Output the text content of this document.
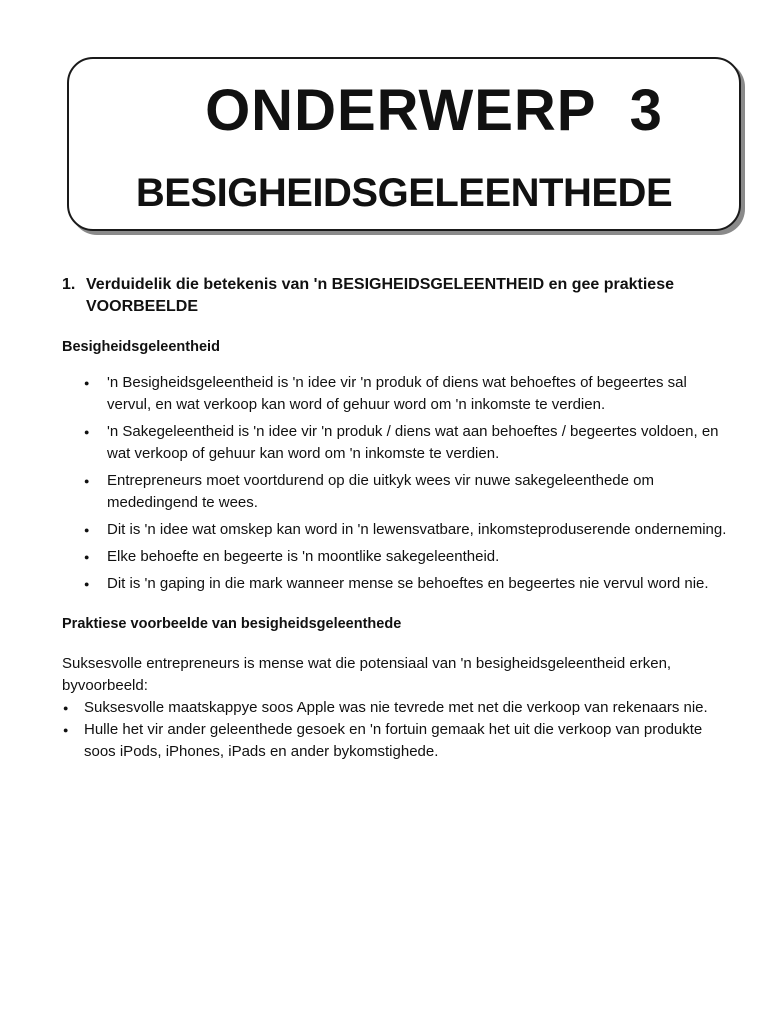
ONDERWERP  3
BESIGHEIDSGELEENTHEDE
1. Verduidelik die betekenis van 'n BESIGHEIDSGELEENTHEID en gee praktiese VOORBEELDE
Besigheidsgeleentheid
● 'n Besigheidsgeleentheid is 'n idee vir 'n produk of diens wat behoeftes of begeertes sal vervul, en wat verkoop kan word of gehuur word om 'n inkomste te verdien.
● 'n Sakegeleentheid is 'n idee vir 'n produk / diens wat aan behoeftes / begeertes voldoen, en wat verkoop of gehuur kan word om 'n inkomste te verdien.
● Entrepreneurs moet voortdurend op die uitkyk wees vir nuwe sakegeleenthede om mededingend te wees.
● Dit is 'n idee wat omskep kan word in 'n lewensvatbare, inkomsteproduserende onderneming.
● Elke behoefte en begeerte is 'n moontlike sakegeleentheid.
● Dit is 'n gaping in die mark wanneer mense se behoeftes en begeertes nie vervul word nie.
Praktiese voorbeelde van besigheidsgeleenthede
Suksesvolle entrepreneurs is mense wat die potensiaal van 'n besigheidsgeleentheid erken, byvoorbeeld:
● Suksesvolle maatskappye soos Apple was nie tevrede met net die verkoop van rekenaars nie.
● Hulle het vir ander geleenthede gesoek en 'n fortuin gemaak het uit die verkoop van produkte soos iPods, iPhones, iPads en ander bykomstighede.
